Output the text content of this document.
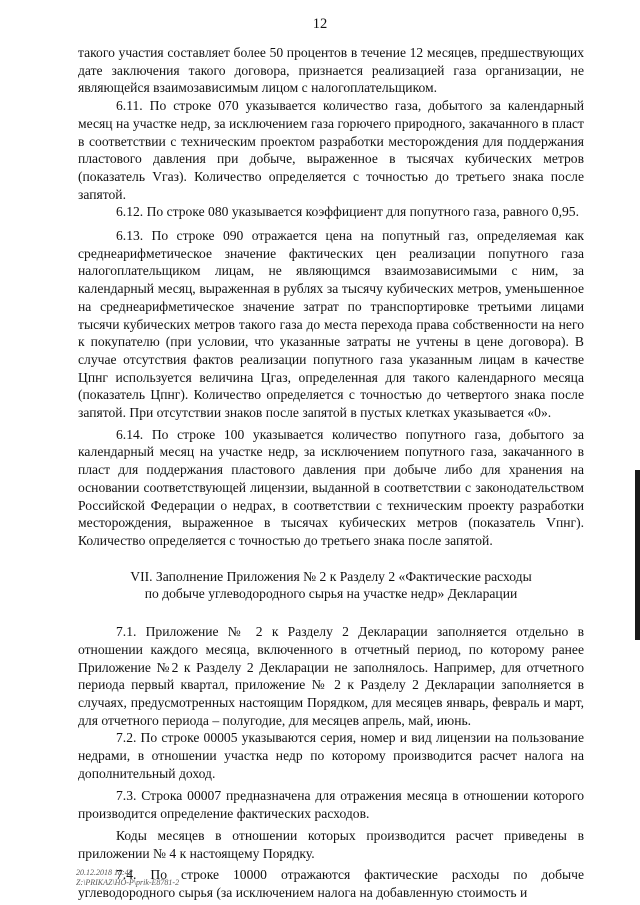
12

такого участия составляет более 50 процентов в течение 12 месяцев, предшествующих дате заключения такого договора, признается реализацией газа организации, не являющейся взаимозависимым лицом с налогоплательщиком.

6.11. По строке 070 указывается количество газа, добытого за календарный месяц на участке недр, за исключением газа горючего природного, закачанного в пласт в соответствии с техническим проектом разработки месторождения для поддержания пластового давления при добыче, выраженное в тысячах кубических метров (показатель Vгаз). Количество определяется с точностью до третьего знака после запятой.

6.12. По строке 080 указывается коэффициент для попутного газа, равного 0,95.

6.13. По строке 090 отражается цена на попутный газ, определяемая как среднеарифметическое значение фактических цен реализации попутного газа налогоплательщиком лицам, не являющимся взаимозависимыми с ним, за календарный месяц, выраженная в рублях за тысячу кубических метров, уменьшенное на среднеарифметическое значение затрат по транспортировке третьими лицами тысячи кубических метров такого газа до места перехода права собственности на него к покупателю (при условии, что указанные затраты не учтены в цене договора). В случае отсутствия фактов реализации попутного газа указанным лицам в качестве Цпнг используется величина Цгаз, определенная для такого календарного месяца (показатель Цпнг). Количество определяется с точностью до четвертого знака после запятой. При отсутствии знаков после запятой в пустых клетках указывается «0».

6.14. По строке 100 указывается количество попутного газа, добытого за календарный месяц на участке недр, за исключением попутного газа, закачанного в пласт для поддержания пластового давления при добыче либо для хранения на основании соответствующей лицензии, выданной в соответствии с законодательством Российской Федерации о недрах, в соответствии с техническим проекту разработки месторождения, выраженное в тысячах кубических метров (показатель Vпнг). Количество определяется с точностью до третьего знака после запятой.

VII. Заполнение Приложения № 2 к Разделу 2 «Фактические расходы
по добыче углеводородного сырья на участке недр» Декларации

7.1. Приложение № 2 к Разделу 2 Декларации заполняется отдельно в отношении каждого месяца, включенного в отчетный период, по которому ранее Приложение №2 к Разделу 2 Декларации не заполнялось. Например, для отчетного периода первый квартал, приложение № 2 к Разделу 2 Декларации заполняется в случаях, предусмотренных настоящим Порядком, для месяцев январь, февраль и март, для отчетного периода – полугодие, для месяцев апрель, май, июнь.

7.2. По строке 00005 указываются серия, номер и вид лицензии на пользование недрами, в отношении участка недр по которому производится расчет налога на дополнительный доход.

7.3. Строка 00007 предназначена для отражения месяца в отношении которого производится определение фактических расходов.

Коды месяцев в отношении которых производится расчет приведены в приложении № 4 к настоящему Порядку.

7.4. По строке 10000 отражаются фактические расходы по добыче углеводородного сырья (за исключением налога на добавленную стоимость и

20.12.2018 18:42
Z:\PRIKAZ\НО-Р\prik-E8781-2
